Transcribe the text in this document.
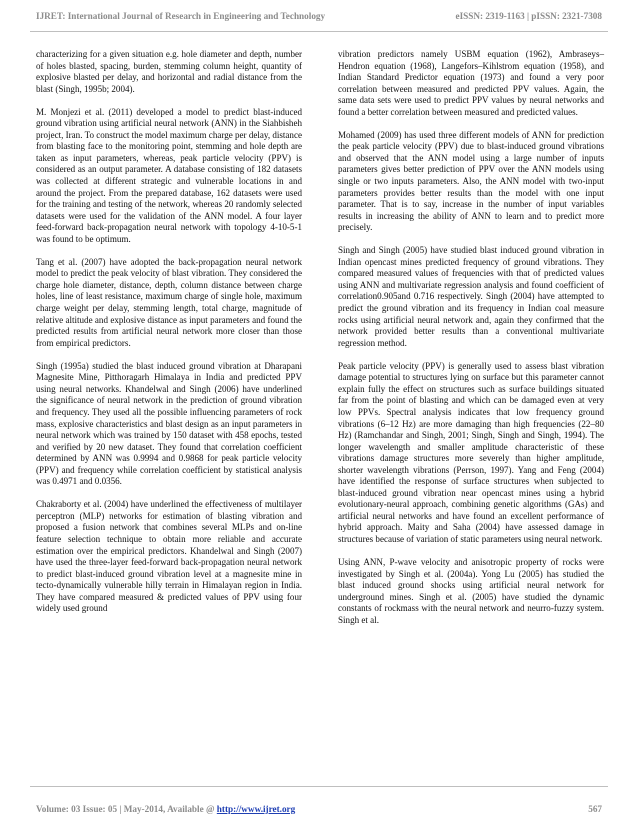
IJRET: International Journal of Research in Engineering and Technology	eISSN: 2319-1163 | pISSN: 2321-7308

characterizing for a given situation e.g. hole diameter and depth, number of holes blasted, spacing, burden, stemming column height, quantity of explosive blasted per delay, and horizontal and radial distance from the blast (Singh, 1995b; 2004).

M. Monjezi et al. (2011) developed a model to predict blast-induced ground vibration using artificial neural network (ANN) in the Siahbisheh project, Iran. To construct the model maximum charge per delay, distance from blasting face to the monitoring point, stemming and hole depth are taken as input parameters, whereas, peak particle velocity (PPV) is considered as an output parameter. A database consisting of 182 datasets was collected at different strategic and vulnerable locations in and around the project. From the prepared database, 162 datasets were used for the training and testing of the network, whereas 20 randomly selected datasets were used for the validation of the ANN model. A four layer feed-forward back-propagation neural network with topology 4-10-5-1 was found to be optimum.

Tang et al. (2007) have adopted the back-propagation neural network model to predict the peak velocity of blast vibration. They considered the charge hole diameter, distance, depth, column distance between charge holes, line of least resistance, maximum charge of single hole, maximum charge weight per delay, stemming length, total charge, magnitude of relative altitude and explosive distance as input parameters and found the predicted results from artificial neural network more closer than those from empirical predictors.

Singh (1995a) studied the blast induced ground vibration at Dharapani Magnesite Mine, Pitthoragarh Himalaya in India and predicted PPV using neural networks. Khandelwal and Singh (2006) have underlined the significance of neural network in the prediction of ground vibration and frequency. They used all the possible influencing parameters of rock mass, explosive characteristics and blast design as an input parameters in neural network which was trained by 150 dataset with 458 epochs, tested and verified by 20 new dataset. They found that correlation coefficient determined by ANN was 0.9994 and 0.9868 for peak particle velocity (PPV) and frequency while correlation coefficient by statistical analysis was 0.4971 and 0.0356.

Chakraborty et al. (2004) have underlined the effectiveness of multilayer perceptron (MLP) networks for estimation of blasting vibration and proposed a fusion network that combines several MLPs and on-line feature selection technique to obtain more reliable and accurate estimation over the empirical predictors. Khandelwal and Singh (2007) have used the three-layer feed-forward back-propagation neural network to predict blast-induced ground vibration level at a magnesite mine in tecto-dynamically vulnerable hilly terrain in Himalayan region in India. They have compared measured & predicted values of PPV using four widely used ground

vibration predictors namely USBM equation (1962), Ambraseys–Hendron equation (1968), Langefors–Kihlstrom equation (1958), and Indian Standard Predictor equation (1973) and found a very poor correlation between measured and predicted PPV values. Again, the same data sets were used to predict PPV values by neural networks and found a better correlation between measured and predicted values.

Mohamed (2009) has used three different models of ANN for prediction the peak particle velocity (PPV) due to blast-induced ground vibrations and observed that the ANN model using a large number of inputs parameters gives better prediction of PPV over the ANN models using single or two inputs parameters. Also, the ANN model with two-input parameters provides better results than the model with one input parameter. That is to say, increase in the number of input variables results in increasing the ability of ANN to learn and to predict more precisely.

Singh and Singh (2005) have studied blast induced ground vibration in Indian opencast mines predicted frequency of ground vibrations. They compared measured values of frequencies with that of predicted values using ANN and multivariate regression analysis and found coefficient of correlation0.905and 0.716 respectively. Singh (2004) have attempted to predict the ground vibration and its frequency in Indian coal measure rocks using artificial neural network and, again they confirmed that the network provided better results than a conventional multivariate regression method.

Peak particle velocity (PPV) is generally used to assess blast vibration damage potential to structures lying on surface but this parameter cannot explain fully the effect on structures such as surface buildings situated far from the point of blasting and which can be damaged even at very low PPVs. Spectral analysis indicates that low frequency ground vibrations (6–12 Hz) are more damaging than high frequencies (22–80 Hz) (Ramchandar and Singh, 2001; Singh, Singh and Singh, 1994). The longer wavelength and smaller amplitude characteristic of these vibrations damage structures more severely than higher amplitude, shorter wavelength vibrations (Perrson, 1997). Yang and Feng (2004) have identified the response of surface structures when subjected to blast-induced ground vibration near opencast mines using a hybrid evolutionary-neural approach, combining genetic algorithms (GAs) and artificial neural networks and have found an excellent performance of hybrid approach. Maity and Saha (2004) have assessed damage in structures because of variation of static parameters using neural network.

Using ANN, P-wave velocity and anisotropic property of rocks were investigated by Singh et al. (2004a). Yong Lu (2005) has studied the blast induced ground shocks using artificial neural network for underground mines. Singh et al. (2005) have studied the dynamic constants of rockmass with the neural network and neurro-fuzzy system. Singh et al.

Volume: 03 Issue: 05 | May-2014, Available @ http://www.ijret.org	567
